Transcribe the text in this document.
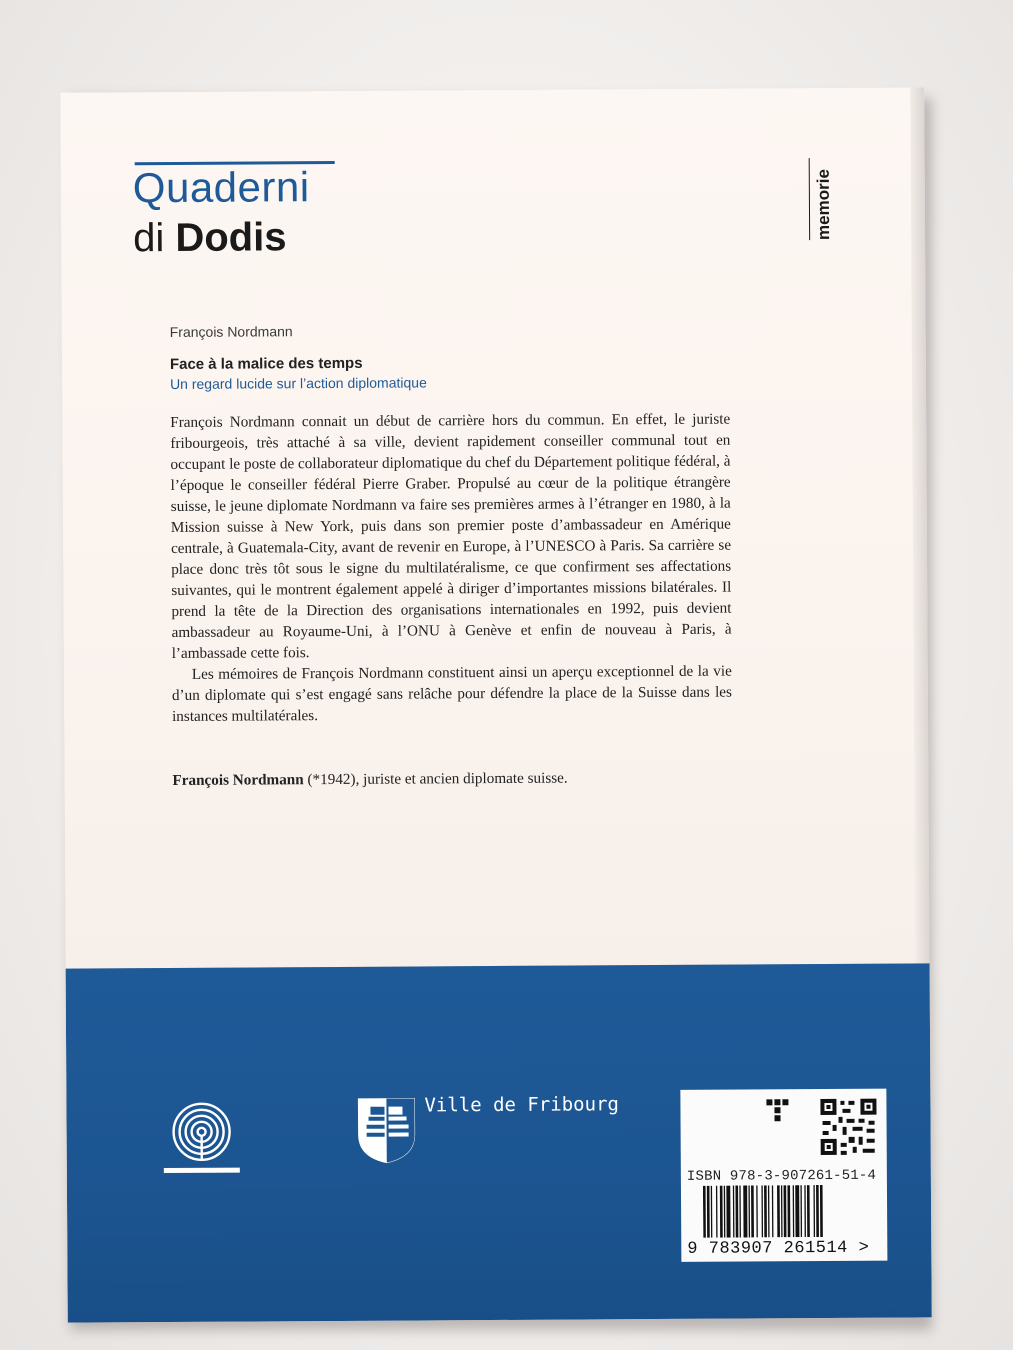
Quaderni
di Dodis	memorie
François Nordmann
Face à la malice des temps
Un regard lucide sur l’action diplomatique

François Nordmann connait un début de carrière hors du commun. En effet, le juriste fribourgeois, très attaché à sa ville, devient rapidement conseiller communal tout en occupant le poste de collaborateur diplomatique du chef du Département politique fédéral, à l’époque le conseiller fédéral Pierre Graber. Propulsé au cœur de la politique étrangère suisse, le jeune diplomate Nordmann va faire ses premières armes à l’étranger en 1980, à la Mission suisse à New York, puis dans son premier poste d’ambassadeur en Amérique centrale, à Guatemala-City, avant de revenir en Europe, à l’UNESCO à Paris. Sa carrière se place donc très tôt sous le signe du multilatéralisme, ce que confirment ses affectations suivantes, qui le montrent également appelé à diriger d’importantes missions bilatérales. Il prend la tête de la Direction des organisations internationales en 1992, puis devient ambassadeur au Royaume-Uni, à l’ONU à Genève et enfin de nouveau à Paris, à l’ambassade cette fois.

Les mémoires de François Nordmann constituent ainsi un aperçu exceptionnel de la vie d’un diplomate qui s’est engagé sans relâche pour défendre la place de la Suisse dans les instances multilatérales.

François Nordmann (*1942), juriste et ancien diplomate suisse.
Ville de Fribourg
ISBN 978-3-907261-51-4
9 783907 261514 >
